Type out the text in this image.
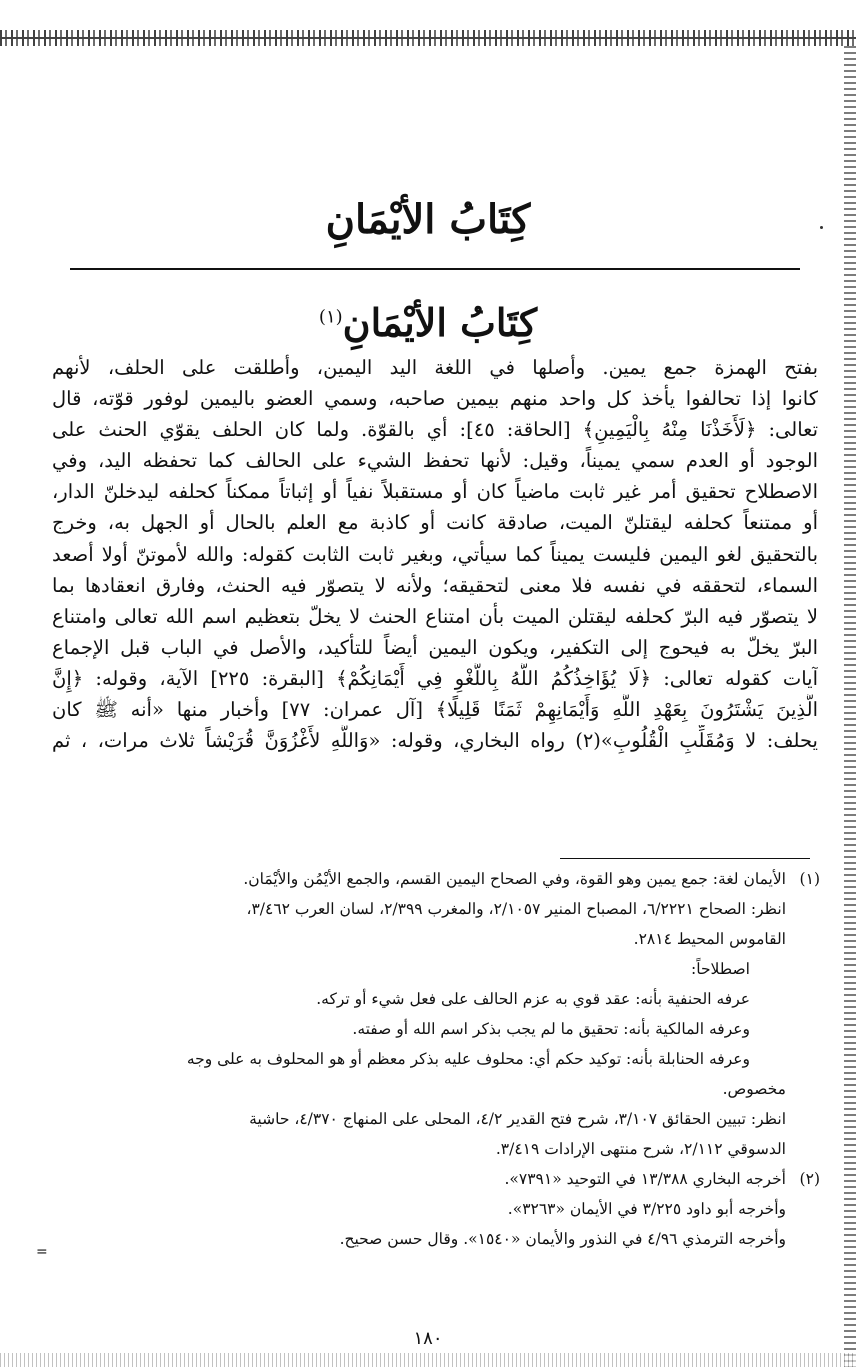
كِتَابُ الأيْمَانِ
كِتَابُ الأيْمَانِ$^{(١)}$

بفتح الهمزة جمع يمين. وأصلها في اللغة اليد اليمين، وأطلقت على الحلف، لأنهم

كانوا إذا تحالفوا يأخذ كل واحد منهم بيمين صاحبه، وسمي العضو باليمين لوفور قوّته، قال

تعالى: ﴿لَأَخَذْنَا مِنْهُ بِالْيَمِينِ﴾ [الحاقة: ٤٥]: أي بالقوّة. ولما كان الحلف يقوّي الحنث على

الوجود أو العدم سمي يميناً، وقيل: لأنها تحفظ الشيء على الحالف كما تحفظه اليد، وفي

الاصطلاح تحقيق أمر غير ثابت ماضياً كان أو مستقبلاً نفياً أو إثباتاً ممكناً كحلفه ليدخلنّ الدار،

أو ممتنعاً كحلفه ليقتلنّ الميت، صادقة كانت أو كاذبة مع العلم بالحال أو الجهل به، وخرج

بالتحقيق لغو اليمين فليست يميناً كما سيأتي، وبغير ثابت الثابت كقوله: والله لأموتنّ أولا أصعد

السماء، لتحققه في نفسه فلا معنى لتحقيقه؛ ولأنه لا يتصوّر فيه الحنث، وفارق انعقادها بما

لا يتصوّر فيه البرّ كحلفه ليقتلن الميت بأن امتناع الحنث لا يخلّ بتعظيم اسم الله تعالى وامتناع

البرّ يخلّ به فيحوج إلى التكفير، ويكون اليمين أيضاً للتأكيد، والأصل في الباب قبل الإجماع

آيات كقوله تعالى: ﴿لَا يُؤَاخِذُكُمُ اللَّهُ بِاللَّغْوِ فِي أَيْمَانِكُمْ﴾ [البقرة: ٢٢٥] الآية، وقوله: ﴿إِنَّ

الَّذِينَ يَشْتَرُونَ بِعَهْدِ اللَّهِ وَأَيْمَانِهِمْ ثَمَنًا قَلِيلًا﴾ [آل عمران: ٧٧] وأخبار منها «أنه ﷺ كان

يحلف: لا وَمُقَلِّبِ الْقُلُوبِ»(٢) رواه البخاري، وقوله: «وَاللَّهِ لأَغْزُوَنَّ قُرَيْشاً ثلاث مرات، ، ثم

(١)الأيمان لغة: جمع يمين وهو القوة، وفي الصحاح اليمين القسم، والجمع الأيْمُن والأيْمَان.

انظر: الصحاح ٦/٢٢٢١، المصباح المنير ٢/١٠٥٧، والمغرب ٢/٣٩٩، لسان العرب ٣/٤٦٢،

القاموس المحيط ٢٨١٤.

اصطلاحاً:

عرفه الحنفية بأنه: عقد قوي به عزم الحالف على فعل شيء أو تركه.

وعرفه المالكية بأنه: تحقيق ما لم يجب بذكر اسم الله أو صفته.

وعرفه الحنابلة بأنه: توكيد حكم أي: محلوف عليه بذكر معظم أو هو المحلوف به على وجه

مخصوص.

انظر: تبيين الحقائق ٣/١٠٧، شرح فتح القدير ٤/٢، المحلى على المنهاج ٤/٣٧٠، حاشية

الدسوقي ٢/١١٢، شرح منتهى الإرادات ٣/٤١٩.

(٢)أخرجه البخاري ١٣/٣٨٨ في التوحيد «٧٣٩١».

وأخرجه أبو داود ٣/٢٢٥ في الأيمان «٣٢٦٣».

وأخرجه الترمذي ٤/٩٦ في النذور والأيمان «١٥٤٠». وقال حسن صحيح.

=
١٨٠
